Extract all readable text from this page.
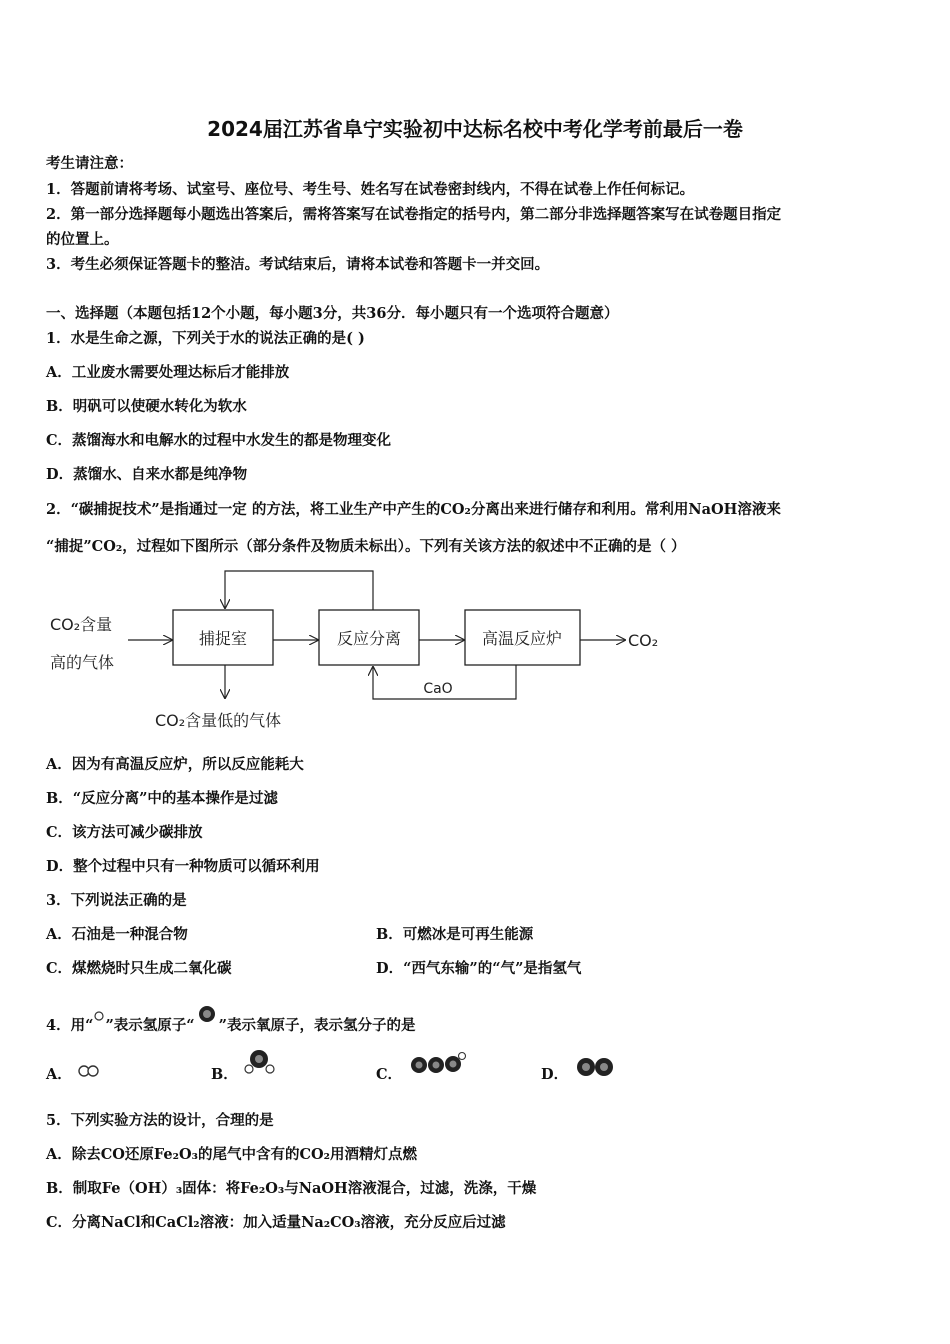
2024届江苏省阜宁实验初中达标名校中考化学考前最后一卷
考生请注意：
1．答题前请将考场、试室号、座位号、考生号、姓名写在试卷密封线内，不得在试卷上作任何标记。
2．第一部分选择题每小题选出答案后，需将答案写在试卷指定的括号内，第二部分非选择题答案写在试卷题目指定
的位置上。
3．考生必须保证答题卡的整洁。考试结束后，请将本试卷和答题卡一并交回。
一、选择题（本题包括12个小题，每小题3分，共36分．每小题只有一个选项符合题意）
1．水是生命之源，下列关于水的说法正确的是( )
A．工业废水需要处理达标后才能排放
B．明矾可以使硬水转化为软水
C．蒸馏海水和电解水的过程中水发生的都是物理变化
D．蒸馏水、自来水都是纯净物
2．“碳捕捉技术”是指通过一定 的方法，将工业生产中产生的CO₂分离出来进行储存和利用。常利用NaOH溶液来
“捕捉”CO₂，过程如下图所示（部分条件及物质未标出）。下列有关该方法的叙述中不正确的是（ ）
CO₂含量
高的气体
捕捉室	反应分离	高温反应炉	CO₂
CaO
CO₂含量低的气体
A．因为有高温反应炉，所以反应能耗大
B．“反应分离”中的基本操作是过滤
C．该方法可减少碳排放
D．整个过程中只有一种物质可以循环利用
3．下列说法正确的是
A．石油是一种混合物	B．可燃冰是可再生能源
C．煤燃烧时只生成二氧化碳	D．“西气东输”的“气”是指氢气
4．用“ ”表示氢原子“ ”表示氧原子，表示氢分子的是
A．	B．	C．	D．
5．下列实验方法的设计，合理的是
A．除去CO还原Fe₂O₃的尾气中含有的CO₂用酒精灯点燃
B．制取Fe（OH）₃固体：将Fe₂O₃与NaOH溶液混合，过滤，洗涤，干燥
C．分离NaCl和CaCl₂溶液：加入适量Na₂CO₃溶液，充分反应后过滤
